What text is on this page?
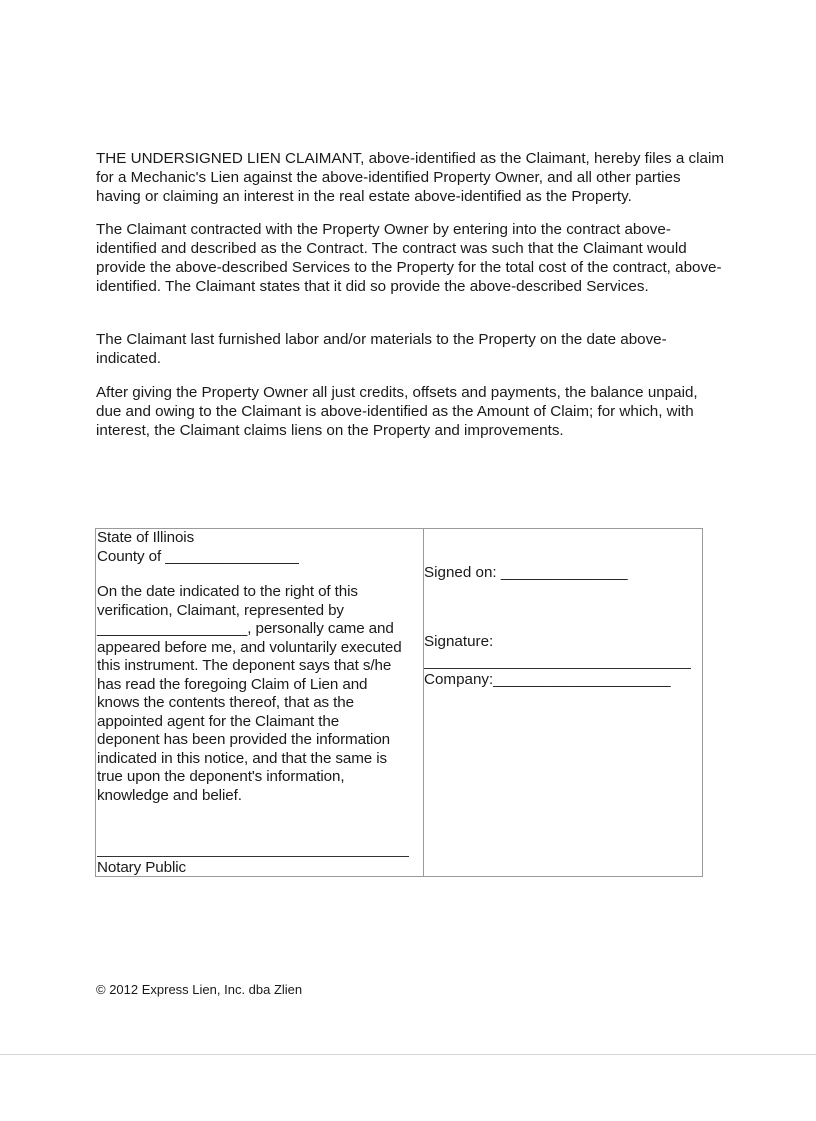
THE UNDERSIGNED LIEN CLAIMANT, above-identified as the Claimant, hereby files a claim for a Mechanic's Lien against the above-identified Property Owner, and all other parties having or claiming an interest in the real estate above-identified as the Property.

The Claimant contracted with the Property Owner by entering into the contract above-identified and described as the Contract. The contract was such that the Claimant would provide the above-described Services to the Property for the total cost of the contract, above-identified. The Claimant states that it did so provide the above-described Services.

The Claimant last furnished labor and/or materials to the Property on the date above-indicated.

After giving the Property Owner all just credits, offsets and payments, the balance unpaid, due and owing to the Claimant is above-identified as the Amount of Claim; for which, with interest, the Claimant claims liens on the Property and improvements.

State of Illinois
County of ________________
On the date indicated to the right of this
verification, Claimant, represented by
__________________, personally came and
appeared before me, and voluntarily executed
this instrument. The deponent says that s/he
has read the foregoing Claim of Lien and
knows the contents thereof, that as the
appointed agent for the Claimant the
deponent has been provided the information
indicated in this notice, and that the same is
true upon the deponent's information,
knowledge and belief.
Notary Public
Signed on: _______________
Signature:
Company:_____________________
© 2012 Express Lien, Inc. dba Zlien
